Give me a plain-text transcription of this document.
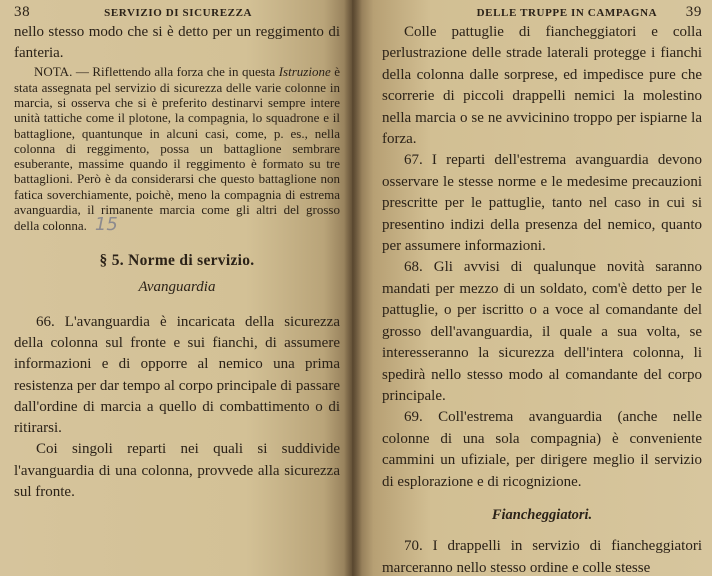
38	SERVIZIO DI SICUREZZA

nello stesso modo che si è detto per un reggimento di fanteria.

NOTA. — Riflettendo alla forza che in questa Istruzione è stata assegnata pel servizio di sicurezza delle varie colonne in marcia, si osserva che si è preferito destinarvi sempre intere unità tattiche come il plotone, la compagnia, lo squadrone e il battaglione, quantunque in alcuni casi, come, p. es., nella colonna di reggimento, possa un battaglione sembrare esuberante, massime quando il reggimento è formato su tre battaglioni. Però è da considerarsi che questo battaglione non fatica soverchiamente, poichè, meno la compagnia di estrema avanguardia, il rimanente marcia come gli altri del grosso della colonna. 15

§ 5. Norme di servizio.
Avanguardia

66. L'avanguardia è incaricata della sicurezza della colonna sul fronte e sui fianchi, di assumere informazioni e di opporre al nemico una prima resistenza per dar tempo al corpo principale di passare dall'ordine di marcia a quello di combattimento o di ritirarsi.

Coi singoli reparti nei quali si suddivide l'avanguardia di una colonna, provvede alla sicurezza sul fronte.

DELLE TRUPPE IN CAMPAGNA 39

Colle pattuglie di fiancheggiatori e colla perlustrazione delle strade laterali protegge i fianchi della colonna dalle sorprese, ed impedisce pure che scorrerie di piccoli drappelli nemici la molestino nella marcia o se ne avvicinino troppo per ispiarne la forza.

67. I reparti dell'estrema avanguardia devono osservare le stesse norme e le medesime precauzioni prescritte per le pattuglie, tanto nel caso in cui si presentino indizi della presenza del nemico, quanto per assumere informazioni.

68. Gli avvisi di qualunque novità saranno mandati per mezzo di un soldato, com'è detto per le pattuglie, o per iscritto o a voce al comandante del grosso dell'avanguardia, il quale a sua volta, se interesseranno la sicurezza dell'intera colonna, li spedirà nello stesso modo al comandante del corpo principale.

69. Coll'estrema avanguardia (anche nelle colonne di una sola compagnia) è conveniente cammini un ufiziale, per dirigere meglio il servizio di esplorazione e di ricognizione.

Fiancheggiatori.

70. I drappelli in servizio di fiancheggiatori marceranno nello stesso ordine e colle stesse
